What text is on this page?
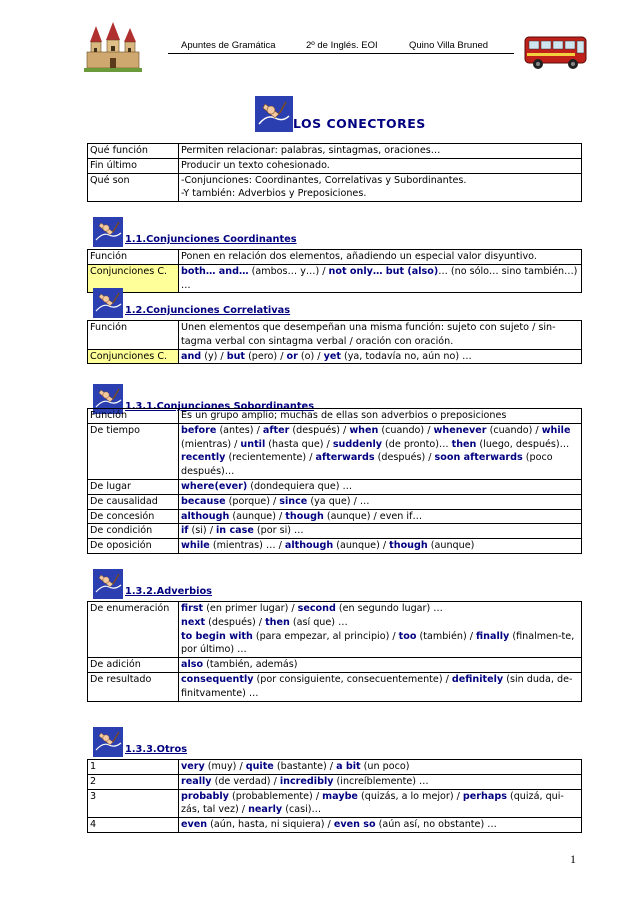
Apuntes de Gramática	2º de Inglés. EOI	Quino Villa Bruned
LOS CONECTORES
Qué función	Permiten relacionar: palabras, sintagmas, oraciones…
Fin último	Producir un texto cohesionado.
Qué son	-Conjunciones: Coordinantes, Correlativas y Subordinantes.
-Y también: Adverbios y Preposiciones.
1.1.Conjunciones Coordinantes
Función	Ponen en relación dos elementos, añadiendo un especial valor disyuntivo.
Conjunciones C.	both… and… (ambos… y…) / not only… but (also)… (no sólo… sino también…) …
1.2.Conjunciones Correlativas
Función	Unen elementos que desempeñan una misma función: sujeto con sujeto / sin-tagma verbal con sintagma verbal / oración con oración.
Conjunciones C.	and (y) / but (pero) / or (o) / yet (ya, todavía no, aún no) …
1.3.1.Conjunciones Sobordinantes
Función	Es un grupo amplio; muchas de ellas son adverbios o preposiciones
De tiempo	before (antes) / after (después) / when (cuando) / whenever (cuando) / while (mientras) / until (hasta que) / suddenly (de pronto)… then (luego, después)… recently (recientemente) / afterwards (después) / soon afterwards (poco después)…
De lugar	where(ever) (dondequiera que) …
De causalidad	because (porque) / since (ya que) / …
De concesión	although (aunque) / though (aunque) / even if…
De condición	if (si) / in case (por si) …
De oposición	while (mientras) … / although (aunque) / though (aunque)
1.3.2.Adverbios
De enumeración	first (en primer lugar) / second (en segundo lugar) …
next (después) / then (así que) …
to begin with (para empezar, al principio) / too (también) / finally (finalmen-te, por último) …
De adición	also (también, además)
De resultado	consequently (por consiguiente, consecuentemente) / definitely (sin duda, de-finitvamente) …
1.3.3.Otros
1	very (muy) / quite (bastante) / a bit (un poco)
2	really (de verdad) / incredibly (increíblemente) …
3	probably (probablemente) / maybe (quizás, a lo mejor) / perhaps (quizá, qui-zás, tal vez) / nearly (casi)…
4	even (aún, hasta, ni siquiera) / even so (aún así, no obstante) …
1
